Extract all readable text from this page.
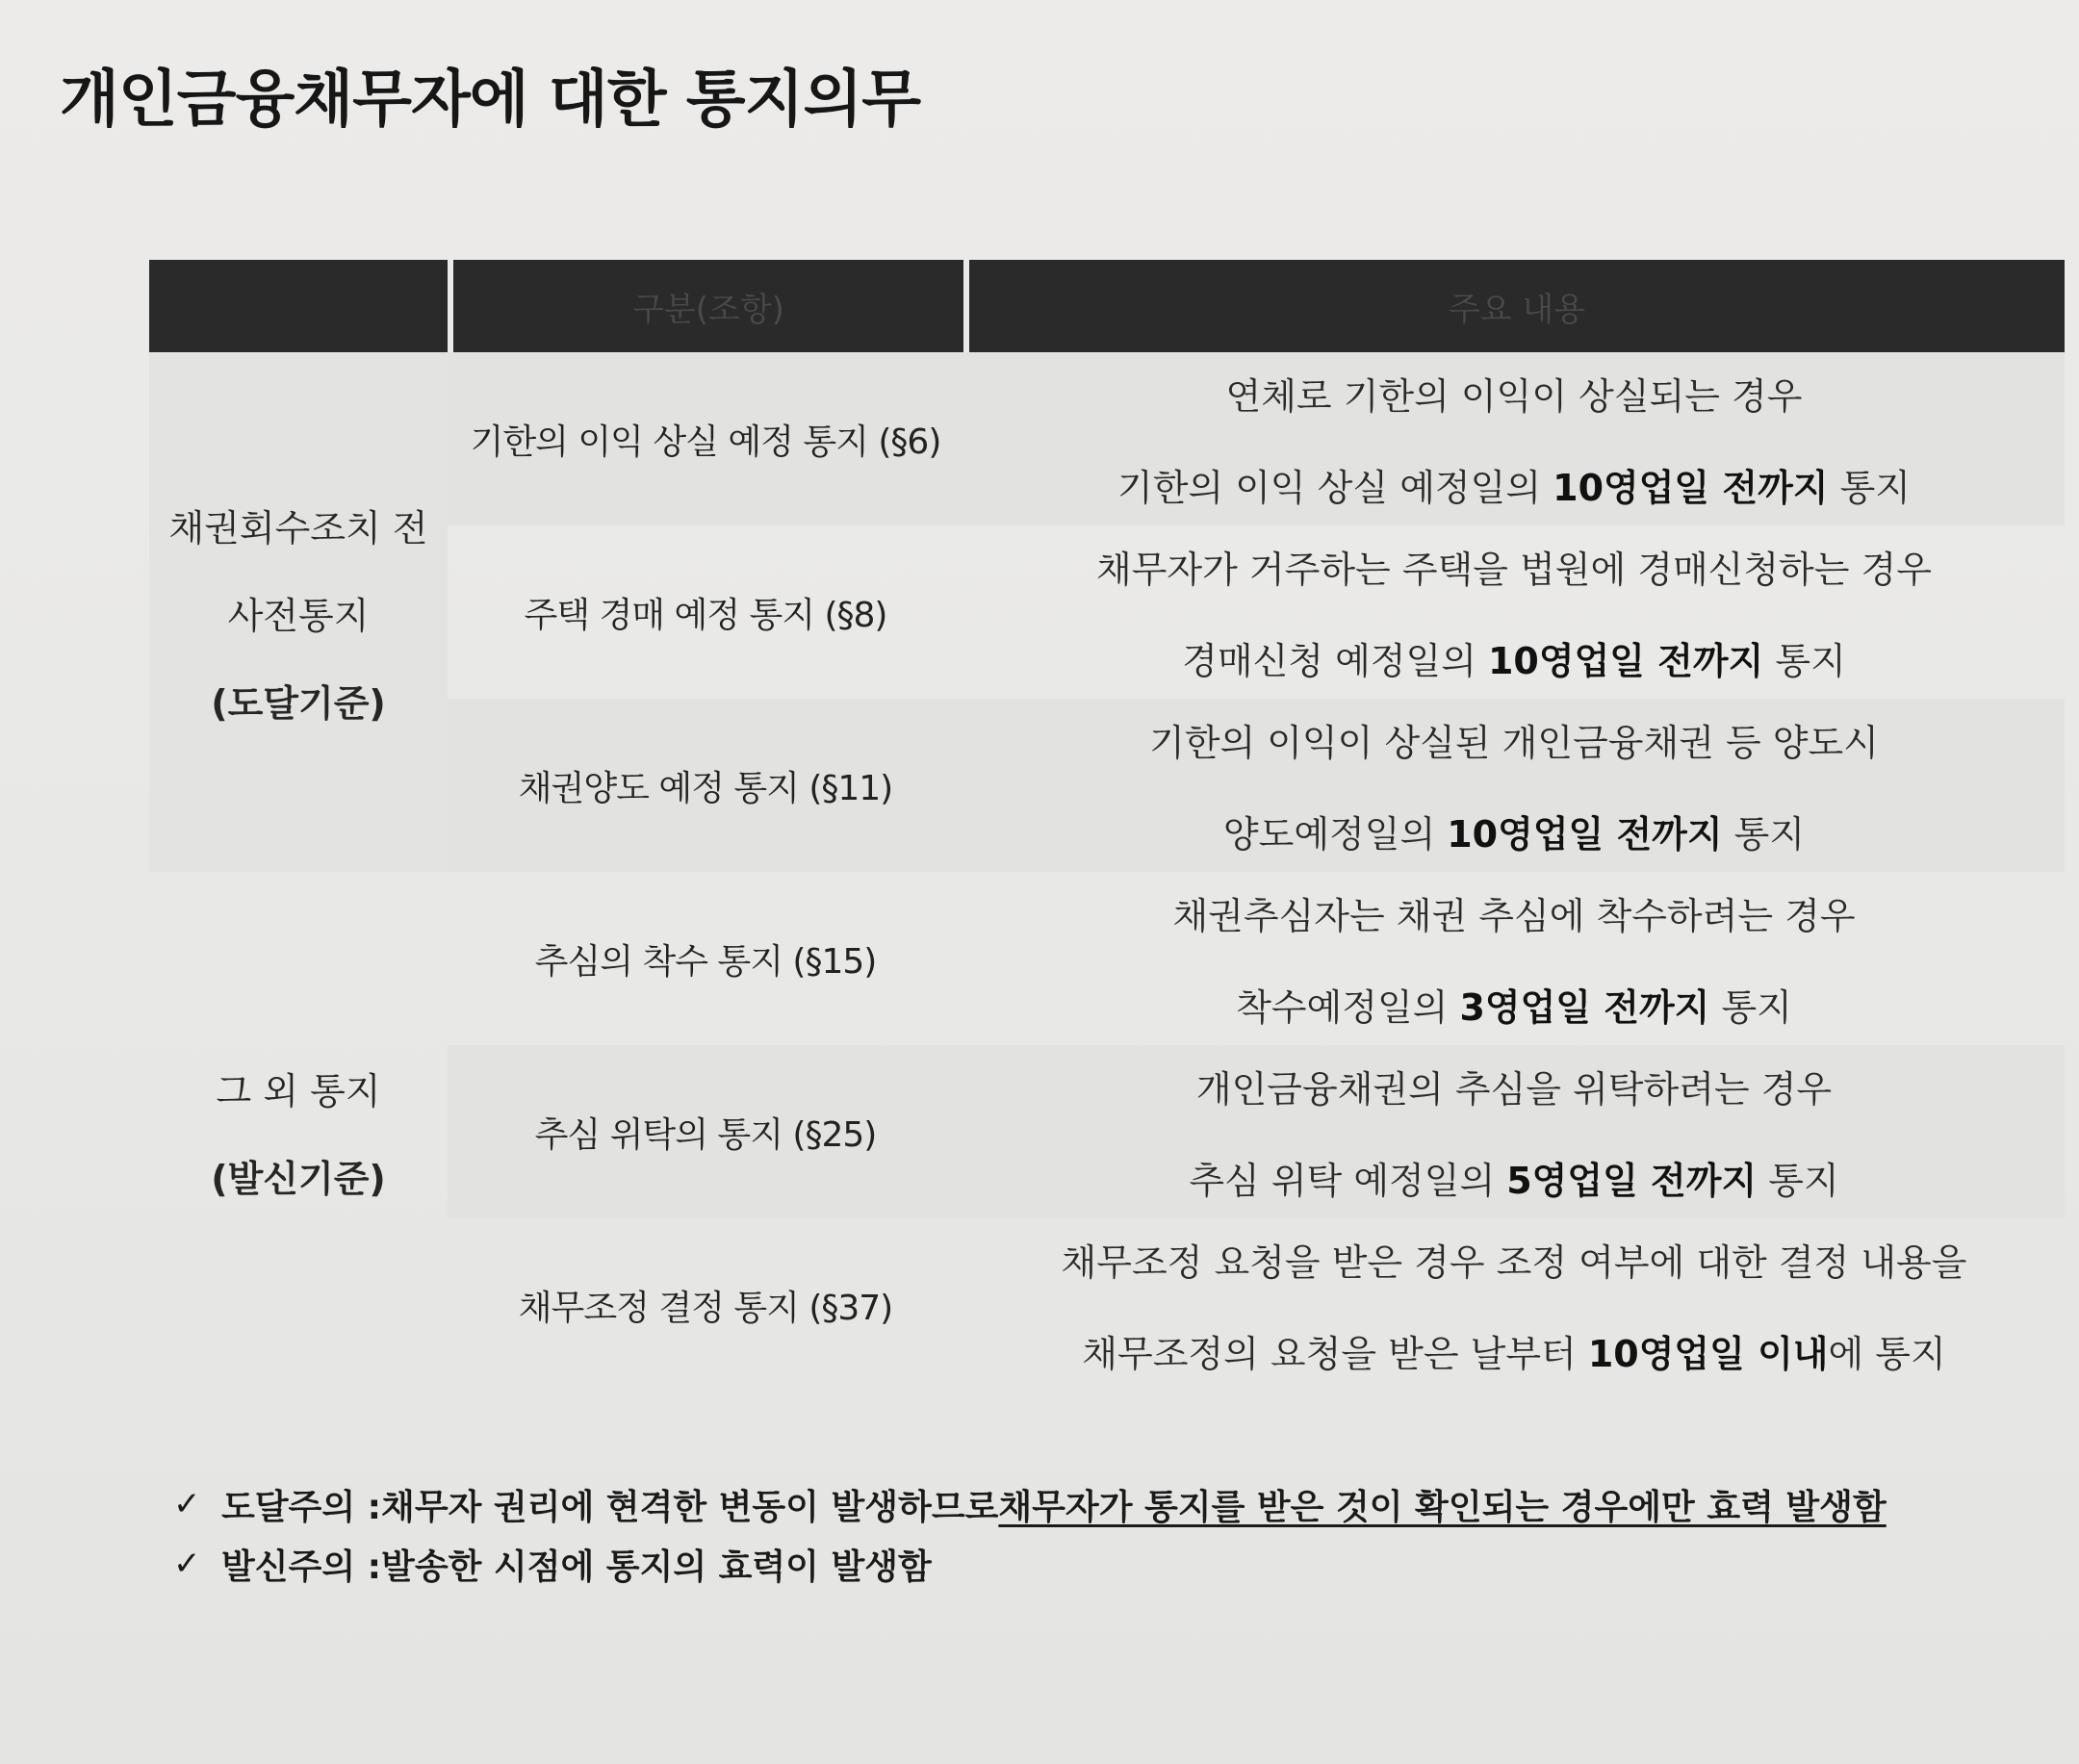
개인금융채무자에 대한 통지의무
구분(조항)	주요 내용
채권회수조치 전
사전통지
(도달기준)
기한의 이익 상실 예정 통지 (§6)
연체로 기한의 이익이 상실되는 경우
기한의 이익 상실 예정일의 10영업일 전까지 통지
주택 경매 예정 통지 (§8)
채무자가 거주하는 주택을 법원에 경매신청하는 경우
경매신청 예정일의 10영업일 전까지 통지
채권양도 예정 통지 (§11)
기한의 이익이 상실된 개인금융채권 등 양도시
양도예정일의 10영업일 전까지 통지
그 외 통지
(발신기준)
추심의 착수 통지 (§15)
채권추심자는 채권 추심에 착수하려는 경우
착수예정일의 3영업일 전까지 통지
추심 위탁의 통지 (§25)
개인금융채권의 추심을 위탁하려는 경우
추심 위탁 예정일의 5영업일 전까지 통지
채무조정 결정 통지 (§37)
채무조정 요청을 받은 경우 조정 여부에 대한 결정 내용을
채무조정의 요청을 받은 날부터 10영업일 이내에 통지
✓ 도달주의 : 채무자 권리에 현격한 변동이 발생하므로 채무자가 통지를 받은 것이 확인되는 경우에만 효력 발생함
✓ 발신주의 : 발송한 시점에 통지의 효력이 발생함
